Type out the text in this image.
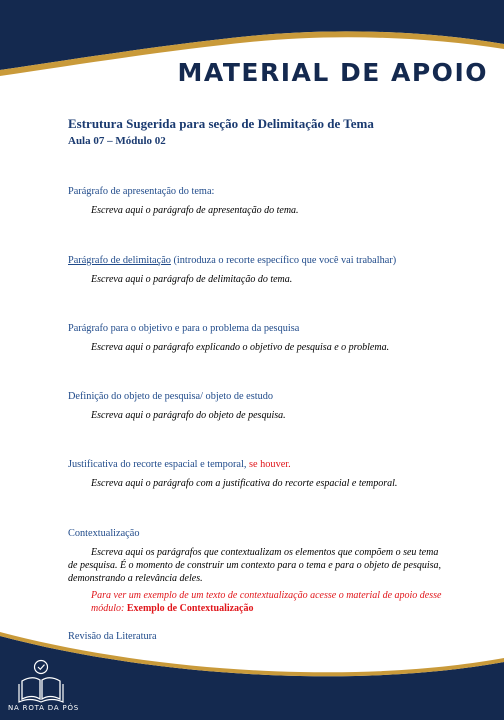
MATERIAL DE APOIO
Estrutura Sugerida para seção de Delimitação de Tema
Aula 07 – Módulo 02

Parágrafo de apresentação do tema:

Escreva aqui o parágrafo de apresentação do tema.

Parágrafo de delimitação (introduza o recorte específico que você vai trabalhar)

Escreva aqui o parágrafo de delimitação do tema.

Parágrafo para o objetivo e para o problema da pesquisa

Escreva aqui o parágrafo explicando o objetivo de pesquisa e o problema.

Definição do objeto de pesquisa/ objeto de estudo

Escreva aqui o parágrafo do objeto de pesquisa.

Justificativa do recorte espacial e temporal, se houver.

Escreva aqui o parágrafo com a justificativa do recorte espacial e temporal.

Contextualização

Escreva aqui os parágrafos que contextualizam os elementos que compõem o seu tema de pesquisa. É o momento de construir um contexto para o tema e para o objeto de pesquisa, demonstrando a relevância deles.

Para ver um exemplo de um texto de contextualização acesse o material de apoio desse módulo: Exemplo de Contextualização

Revisão da Literatura

NA ROTA DA PÓS
